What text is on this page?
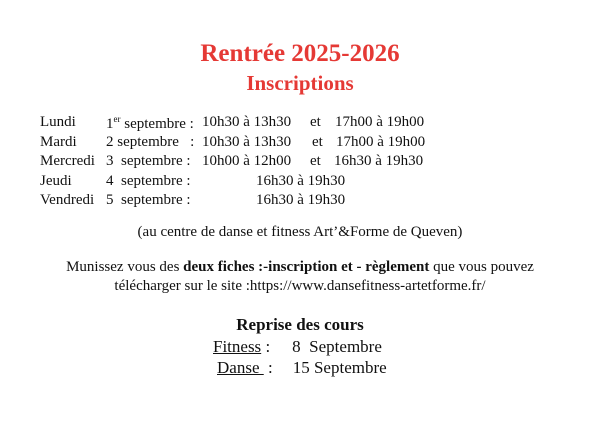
Rentrée 2025-2026
Inscriptions
Lundi 1er septembre : 10h30 à 13h30 et 17h00 à 19h00
Mardi 2 septembre   : 10h30 à 13h30 et 17h00 à 19h00
Mercredi 3  septembre : 10h00 à 12h00 et 16h30 à 19h30
Jeudi 4  septembre :	16h30 à 19h30
Vendredi 5  septembre :	16h30 à 19h30

(au centre de danse et fitness Art’&Forme de Queven)

Munissez vous des deux fiches :-inscription et - règlement que vous pouvez
télécharger sur le site :https://www.dansefitness-artetforme.fr/

Reprise des cours
Fitness : 8  Septembre
Danse  : 15 Septembre
